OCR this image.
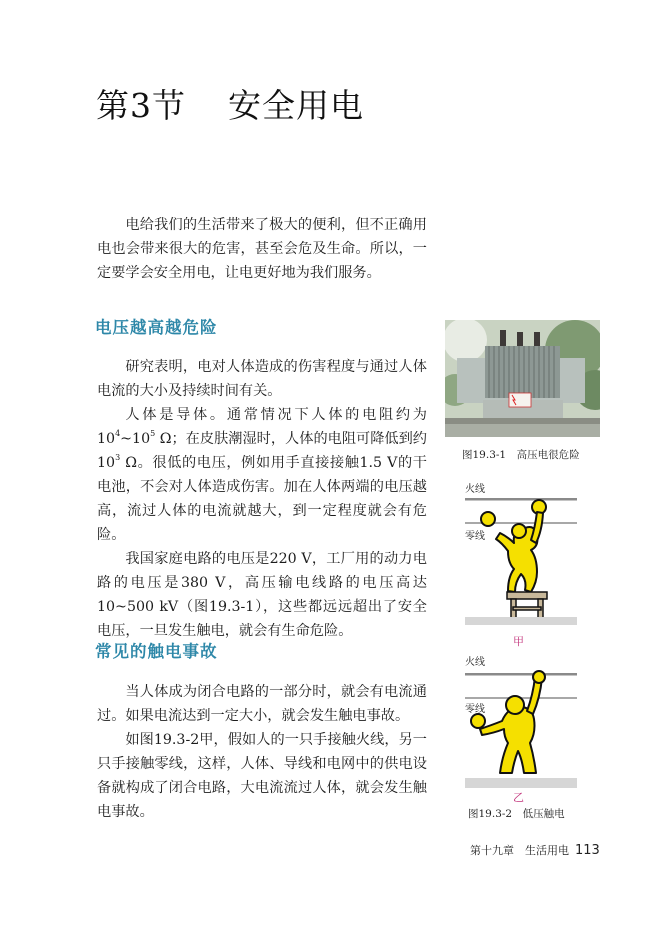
第3节 安全用电

电给我们的生活带来了极大的便利，但不正确用电也会带来很大的危害，甚至会危及生命。所以，一定要学会安全用电，让电更好地为我们服务。

电压越高越危险

研究表明，电对人体造成的伤害程度与通过人体电流的大小及持续时间有关。

人体是导体。通常情况下人体的电阻约为$10^4\sim 10^5$ Ω；在皮肤潮湿时，人体的电阻可降低到约$10^3$ Ω。很低的电压，例如用手直接接触1.5 V的干电池，不会对人体造成伤害。加在人体两端的电压越高，流过人体的电流就越大，到一定程度就会有危险。

我国家庭电路的电压是220 V，工厂用的动力电路的电压是380 V，高压输电线路的电压高达10~500 kV（图19.3-1），这些都远远超出了安全电压，一旦发生触电，就会有生命危险。

常见的触电事故

当人体成为闭合电路的一部分时，就会有电流通过。如果电流达到一定大小，就会发生触电事故。

如图19.3-2甲，假如人的一只手接触火线，另一只手接触零线，这样，人体、导线和电网中的供电设备就构成了闭合电路，大电流流过人体，就会发生触电事故。

图19.3-1　高压电很危险
火线
零线
甲
火线
零线
乙
图19.3-2　低压触电
第十九章　生活用电 113
